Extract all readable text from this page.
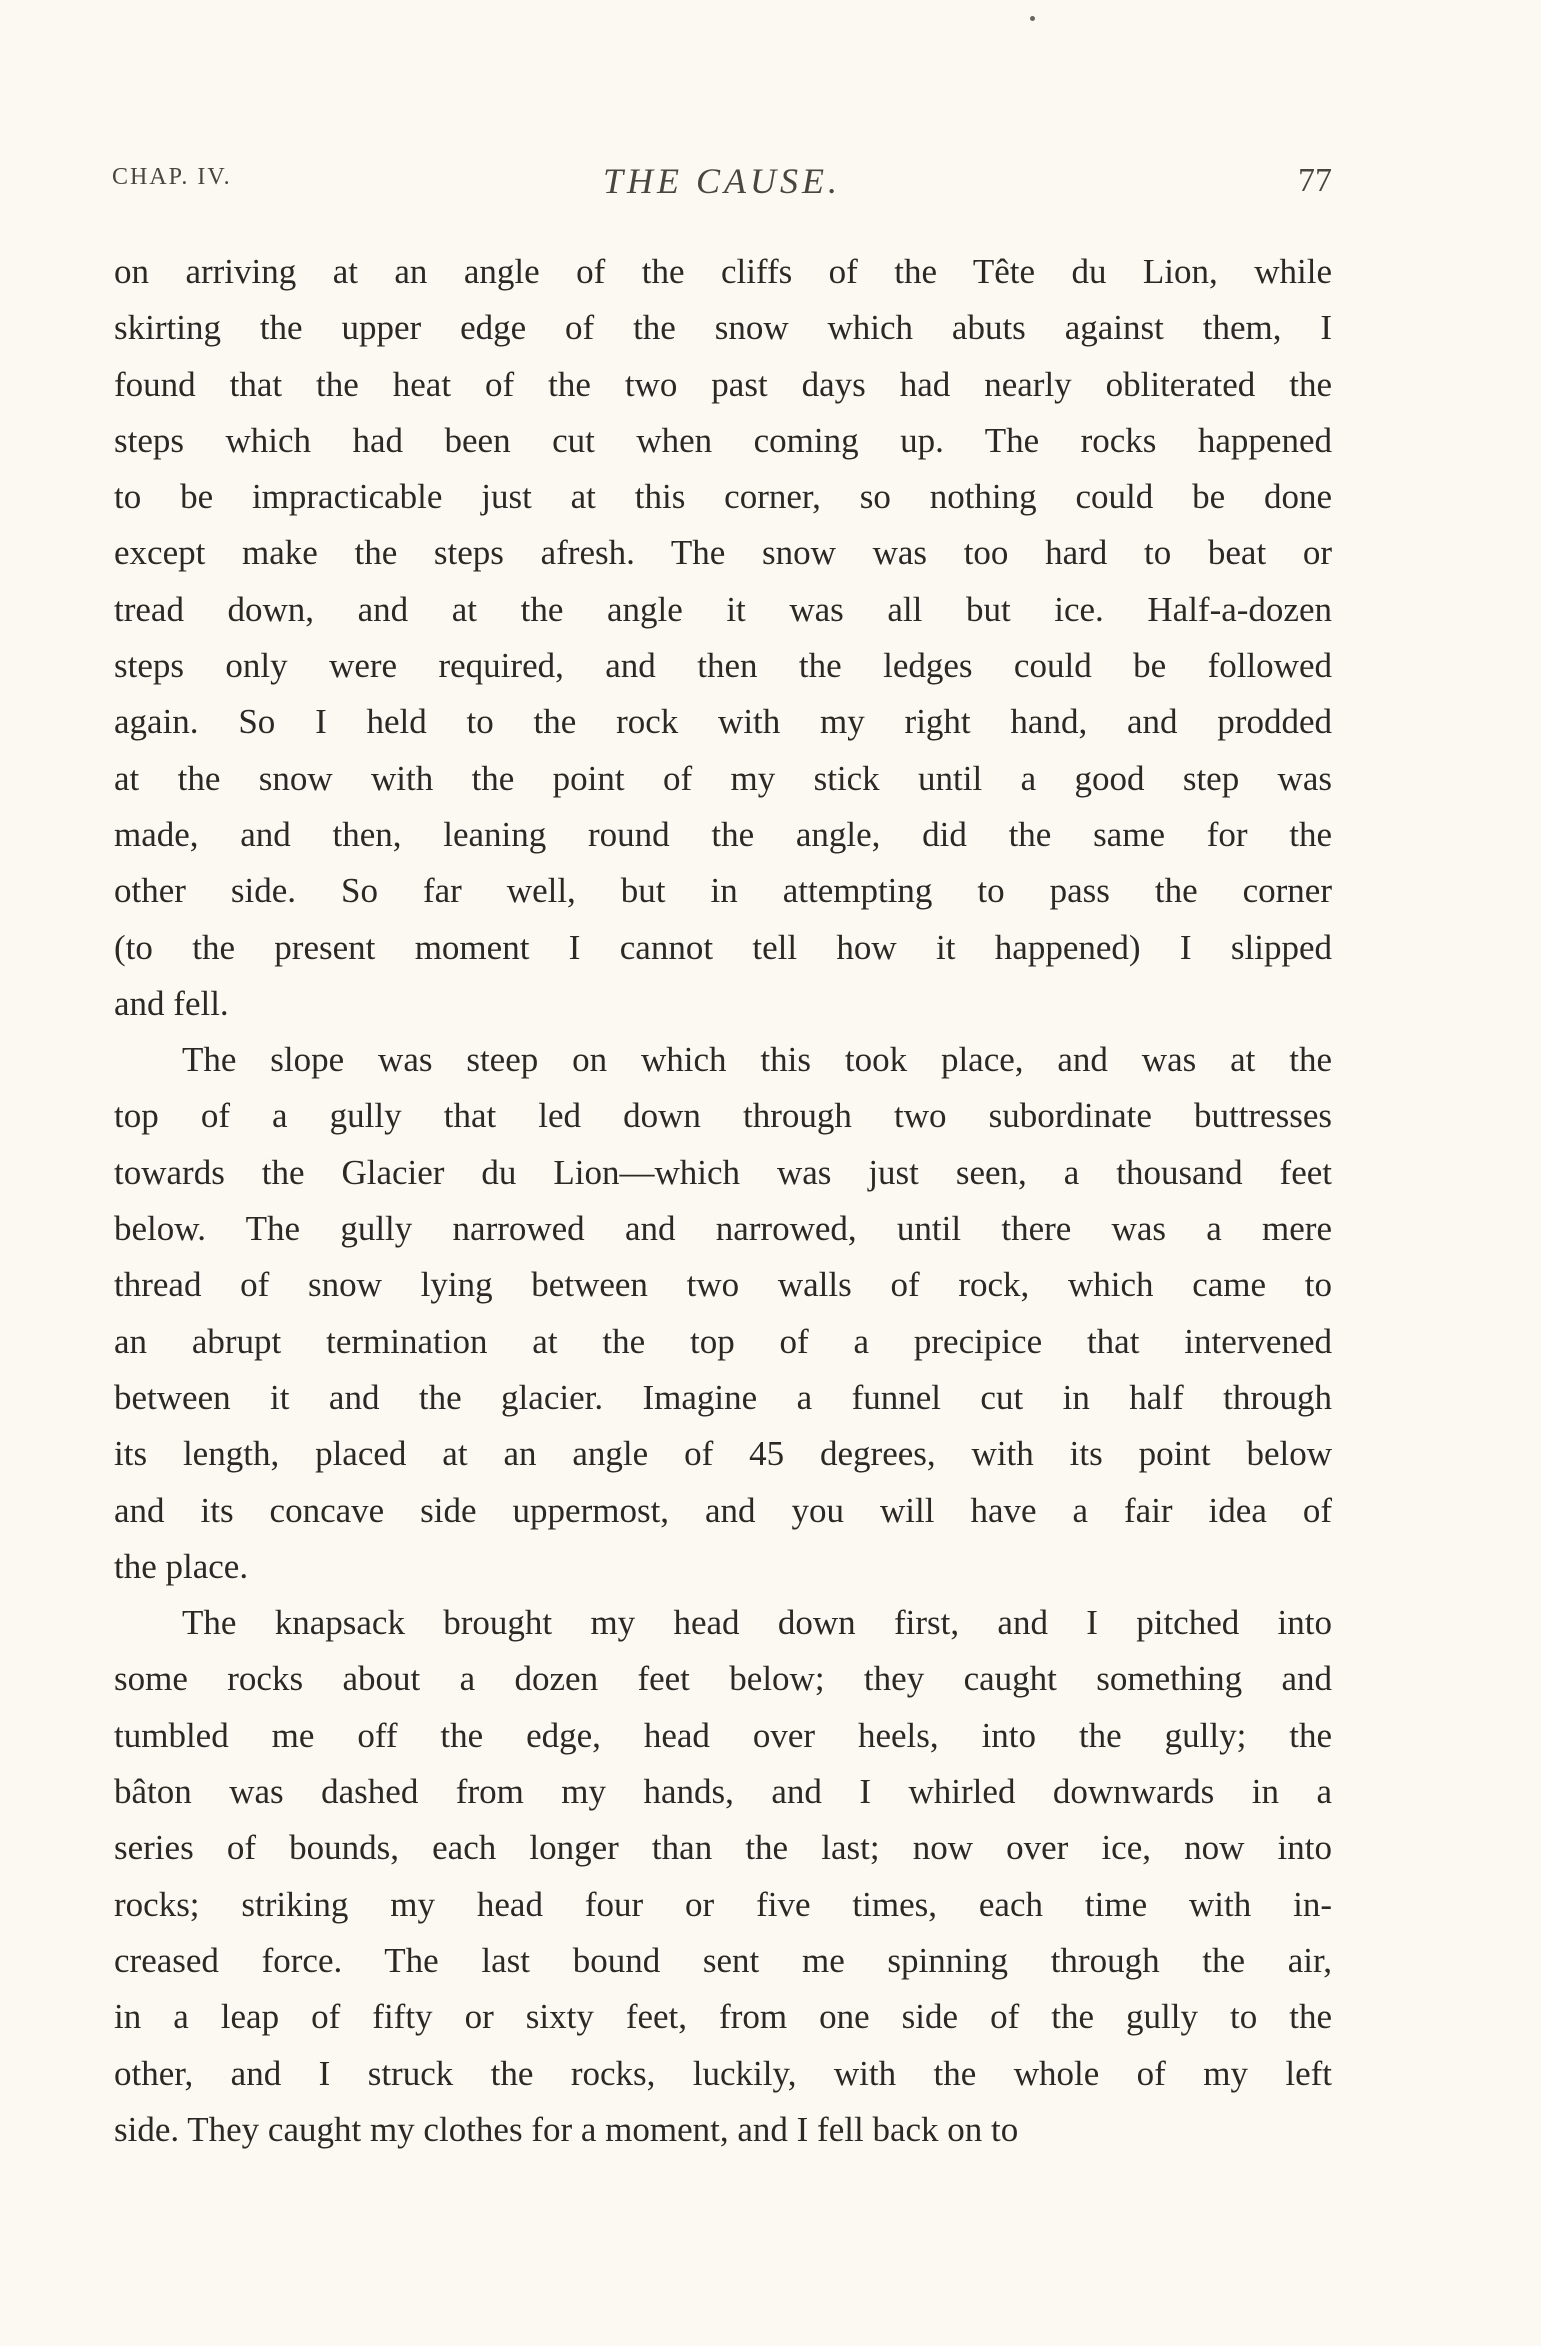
CHAP. IV.	THE CAUSE.	77
on arriving at an angle of the cliffs of the Tête du Lion, while
skirting the upper edge of the snow which abuts against them, I
found that the heat of the two past days had nearly obliterated the
steps which had been cut when coming up. The rocks happened
to be impracticable just at this corner, so nothing could be done
except make the steps afresh. The snow was too hard to beat or
tread down, and at the angle it was all but ice. Half-a-dozen
steps only were required, and then the ledges could be followed
again. So I held to the rock with my right hand, and prodded
at the snow with the point of my stick until a good step was
made, and then, leaning round the angle, did the same for the
other side. So far well, but in attempting to pass the corner
(to the present moment I cannot tell how it happened) I slipped
and fell.
The slope was steep on which this took place, and was at the
top of a gully that led down through two subordinate buttresses
towards the Glacier du Lion—which was just seen, a thousand feet
below. The gully narrowed and narrowed, until there was a mere
thread of snow lying between two walls of rock, which came to
an abrupt termination at the top of a precipice that intervened
between it and the glacier. Imagine a funnel cut in half through
its length, placed at an angle of 45 degrees, with its point below
and its concave side uppermost, and you will have a fair idea of
the place.
The knapsack brought my head down first, and I pitched into
some rocks about a dozen feet below; they caught something and
tumbled me off the edge, head over heels, into the gully; the
bâton was dashed from my hands, and I whirled downwards in a
series of bounds, each longer than the last; now over ice, now into
rocks; striking my head four or five times, each time with in-
creased force. The last bound sent me spinning through the air,
in a leap of fifty or sixty feet, from one side of the gully to the
other, and I struck the rocks, luckily, with the whole of my left
side. They caught my clothes for a moment, and I fell back on to
